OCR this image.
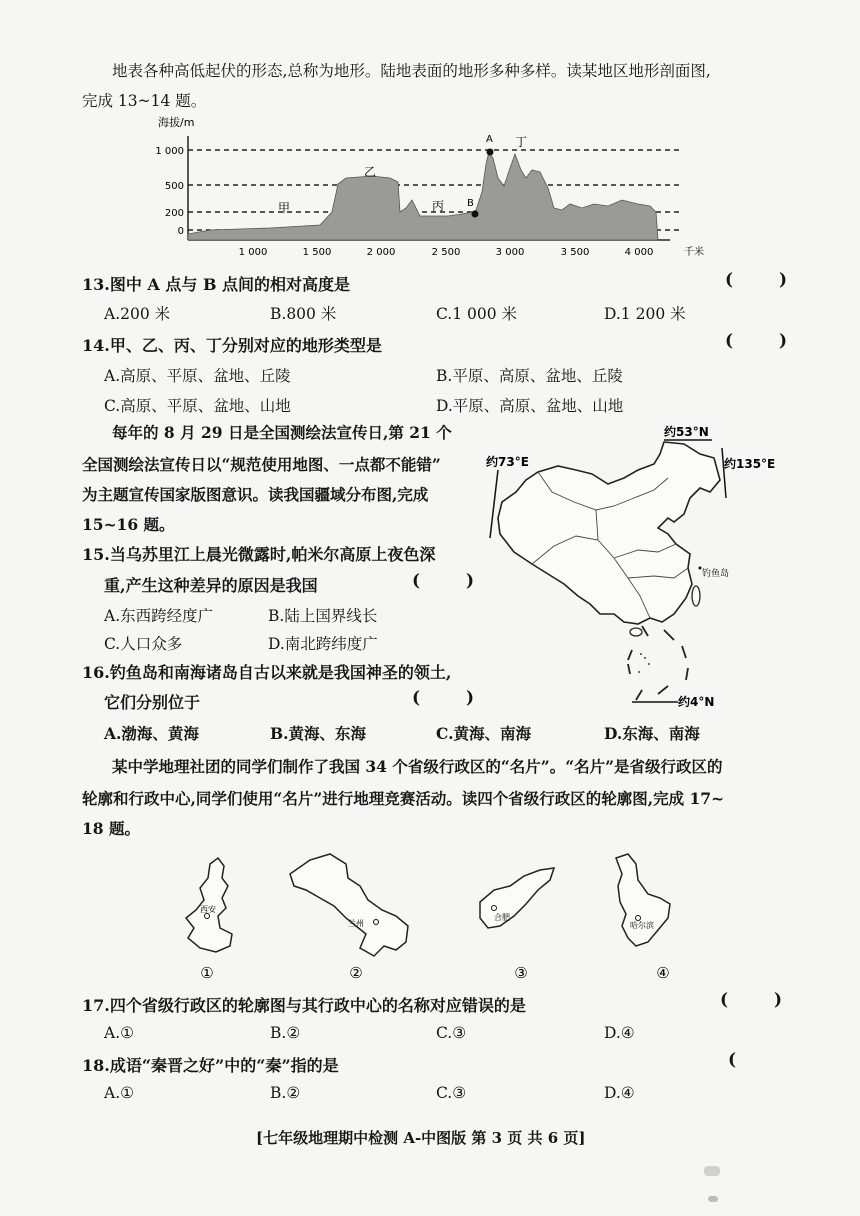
地表各种高低起伏的形态,总称为地形。陆地表面的地形多种多样。读某地区地形剖面图,
完成 13~14 题。
海拔/m
A
B
丁
乙
丙
甲
1 000
500
200
0
1 000	1 500	2 000	2 500	3 000	3 500	4 000	千米
13.图中 A 点与 B 点间的相对高度是	( )
A.200 米	B.800 米	C.1 000 米	D.1 200 米
14.甲、乙、丙、丁分别对应的地形类型是	( )
A.高原、平原、盆地、丘陵	B.平原、高原、盆地、丘陵
C.高原、平原、盆地、山地	D.平原、高原、盆地、山地
每年的 8 月 29 日是全国测绘法宣传日,第 21 个
全国测绘法宣传日以“规范使用地图、一点都不能错”
为主题宣传国家版图意识。读我国疆域分布图,完成
15~16 题。
约53°N
约73°E	约135°E
钓鱼岛
约4°N
15.当乌苏里江上晨光微露时,帕米尔高原上夜色深
重,产生这种差异的原因是我国	( )
A.东西跨经度广	B.陆上国界线长
C.人口众多	D.南北跨纬度广
16.钓鱼岛和南海诸岛自古以来就是我国神圣的领土,
它们分别位于	( )
A.渤海、黄海	B.黄海、东海	C.黄海、南海	D.东海、南海
某中学地理社团的同学们制作了我国 34 个省级行政区的“名片”。“名片”是省级行政区的
轮廓和行政中心,同学们使用“名片”进行地理竞赛活动。读四个省级行政区的轮廓图,完成 17~
18 题。
西安
①
兰州
②
合肥
③
哈尔滨
④
17.四个省级行政区的轮廓图与其行政中心的名称对应错误的是	( )
A.①	B.②	C.③	D.④
18.成语“秦晋之好”中的“秦”指的是	(
A.①	B.②	C.③	D.④
[七年级地理期中检测 A-中图版 第 3 页 共 6 页]
